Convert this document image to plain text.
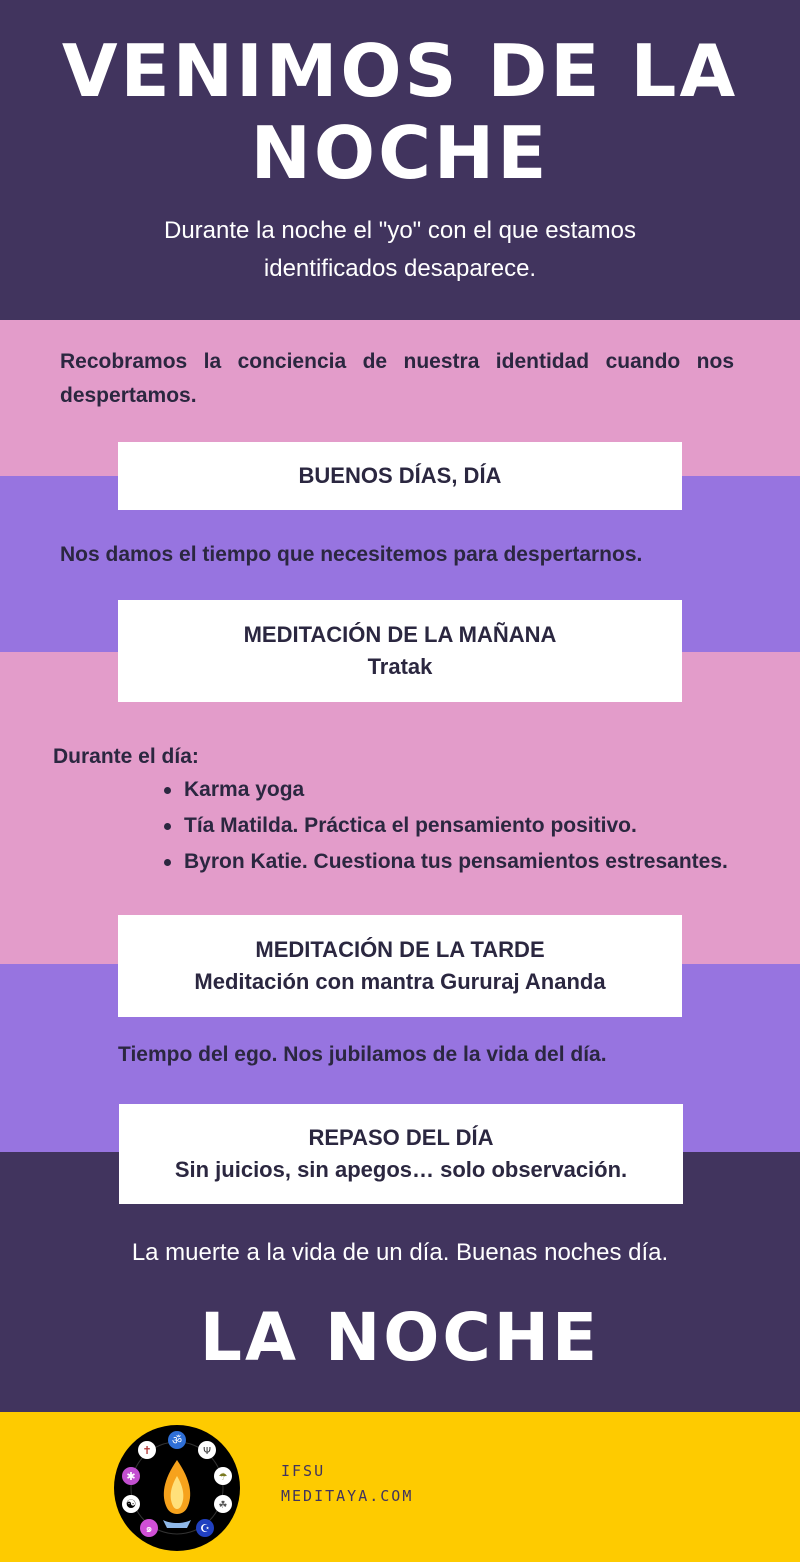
VENIMOS DE LA NOCHE

Durante la noche el "yo" con el que estamos identificados desaparece.

Recobramos la conciencia de nuestra identidad cuando nos despertamos.

BUENOS DÍAS, DÍA

Nos damos el tiempo que necesitemos para despertarnos.

MEDITACIÓN DE LA MAÑANA
Tratak

Durante el día:

Karma yoga
Tía Matilda. Práctica el pensamiento positivo.
Byron Katie. Cuestiona tus pensamientos estresantes.
MEDITACIÓN DE LA TARDE
Meditación con mantra Gururaj Ananda

Tiempo del ego. Nos jubilamos de la vida del día.

REPASO DEL DÍA
Sin juicios, sin apegos… solo observación.

La muerte a la vida de un día. Buenas noches día.

LA NOCHE
ॐ
✝	Ψ
✱	☂
☯	☘
๑	☪
IFSU
MEDITAYA.COM
